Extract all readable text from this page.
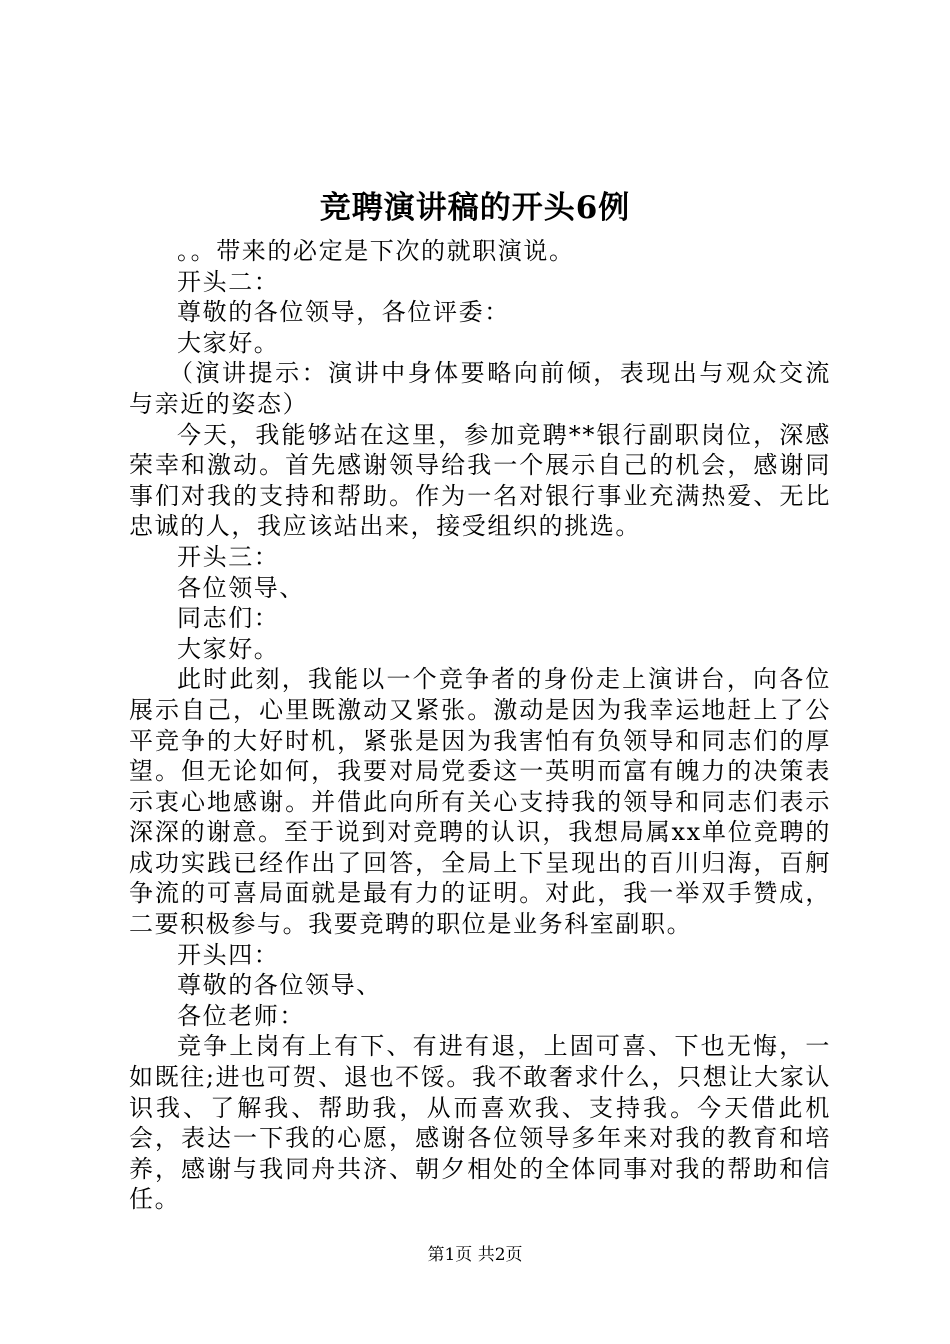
竞聘演讲稿的开头6例

。。带来的必定是下次的就职演说。

开头二：

尊敬的各位领导，各位评委：

大家好。

（演讲提示：演讲中身体要略向前倾，表现出与观众交流与亲近的姿态）

今天，我能够站在这里，参加竞聘**银行副职岗位，深感荣幸和激动。首先感谢领导给我一个展示自己的机会，感谢同事们对我的支持和帮助。作为一名对银行事业充满热爱、无比忠诚的人，我应该站出来，接受组织的挑选。

开头三：

各位领导、

同志们：

大家好。

此时此刻，我能以一个竞争者的身份走上演讲台，向各位展示自己，心里既激动又紧张。激动是因为我幸运地赶上了公平竞争的大好时机，紧张是因为我害怕有负领导和同志们的厚望。但无论如何，我要对局党委这一英明而富有魄力的决策表示衷心地感谢。并借此向所有关心支持我的领导和同志们表示深深的谢意。至于说到对竞聘的认识，我想局属xx单位竞聘的成功实践已经作出了回答，全局上下呈现出的百川归海，百舸争流的可喜局面就是最有力的证明。对此，我一举双手赞成，二要积极参与。我要竞聘的职位是业务科室副职。

开头四：

尊敬的各位领导、

各位老师：

竞争上岗有上有下、有进有退，上固可喜、下也无悔，一如既往;进也可贺、退也不馁。我不敢奢求什么，只想让大家认识我、了解我、帮助我，从而喜欢我、支持我。今天借此机会，表达一下我的心愿，感谢各位领导多年来对我的教育和培养，感谢与我同舟共济、朝夕相处的全体同事对我的帮助和信任。

第1页 共2页
